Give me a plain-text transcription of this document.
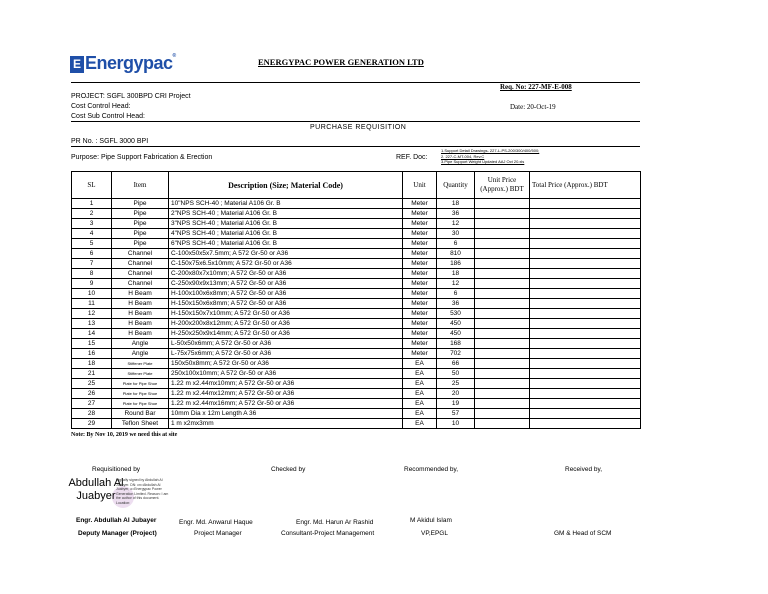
E Energypac®
ENERGYPAC POWER GENERATION LTD
Req. No: 227-MF-E-008
PROJECT: SGFL 300BPD CRI Project
Cost Control Head:	Date: 20-Oct-19
Cost Sub Control Head:
PURCHASE REQUISITION
PR No. : SGFL 3000 BPI
Purpose: Pipe Support Fabrication & Erection	REF. Doc:
1.Support Detail Drawings- 227-L-PS-200/300/400/500;
2. 227-C-MT-004, Rev.C
3.Pipe Support Weight Updated AAJ Oct 20.xls
SL	Item	Description (Size; Material Code)	Unit	Quantity	Unit Price (Approx.) BDT	Total Price (Approx.) BDT
1	Pipe	10"NPS SCH-40 ; Material A106 Gr. B	Meter	18		
2	Pipe	2"NPS SCH-40 ; Material A106 Gr. B	Meter	36		
3	Pipe	3"NPS SCH-40 ; Material A106 Gr. B	Meter	12		
4	Pipe	4"NPS SCH-40 ; Material A106 Gr. B	Meter	30		
5	Pipe	6"NPS SCH-40 ; Material A106 Gr. B	Meter	6		
6	Channel	C-100x50x5x7.5mm; A 572 Gr-50 or A36	Meter	810		
7	Channel	C-150x75x6.5x10mm; A 572 Gr-50 or A36	Meter	186		
8	Channel	C-200x80x7x10mm; A 572 Gr-50 or A36	Meter	18		
9	Channel	C-250x90x9x13mm; A 572 Gr-50 or A36	Meter	12		
10	H Beam	H-100x100x6x8mm; A 572 Gr-50 or A36	Meter	6		
11	H Beam	H-150x150x6x8mm; A 572 Gr-50 or A36	Meter	36		
12	H Beam	H-150x150x7x10mm; A 572 Gr-50 or A36	Meter	530		
13	H Beam	H-200x200x8x12mm; A 572 Gr-50 or A36	Meter	450		
14	H Beam	H-250x250x9x14mm; A 572 Gr-50 or A36	Meter	450		
15	Angle	L-50x50x6mm; A 572 Gr-50 or A36	Meter	168		
16	Angle	L-75x75x6mm; A 572 Gr-50 or A36	Meter	702		
18	Stiffener Plate	150x50x8mm; A 572 Gr-50 or A36	EA	66		
21	Stiffener Plate	250x100x10mm; A 572 Gr-50 or A36	EA	50		
25	Plate for Pipe Shoe	1.22 m x2.44mx10mm; A 572 Gr-50 or A36	EA	25		
26	Plate for Pipe Shoe	1.22 m x2.44mx12mm; A 572 Gr-50 or A36	EA	20		
27	Plate for Pipe Shoe	1.22 m x2.44mx16mm; A 572 Gr-50 or A36	EA	19		
28	Round Bar	10mm Dia x 12m Length A 36	EA	57		
29	Teflon Sheet	1 m x2mx3mm	EA	10		
Note: By Nov 10, 2019 we need this at site
Requisitioned by	Checked by	Recommended by,	Received by,
Abdullah Al Juabyer
Digitally signed by Abdullah Al Juabyer. DN: cn=Abdullah Al Juabyer, o=Energypac Power Generation Limited. Reason: I am the author of this document. Location:
Engr. Abdullah Al Jubayer
Deputy Manager (Project)
Engr. Md. Anwarul Haque
Project Manager
Engr. Md. Harun Ar Rashid
Consultant-Project Management
M Akidul Islam
VP,EPGL	GM & Head of SCM
